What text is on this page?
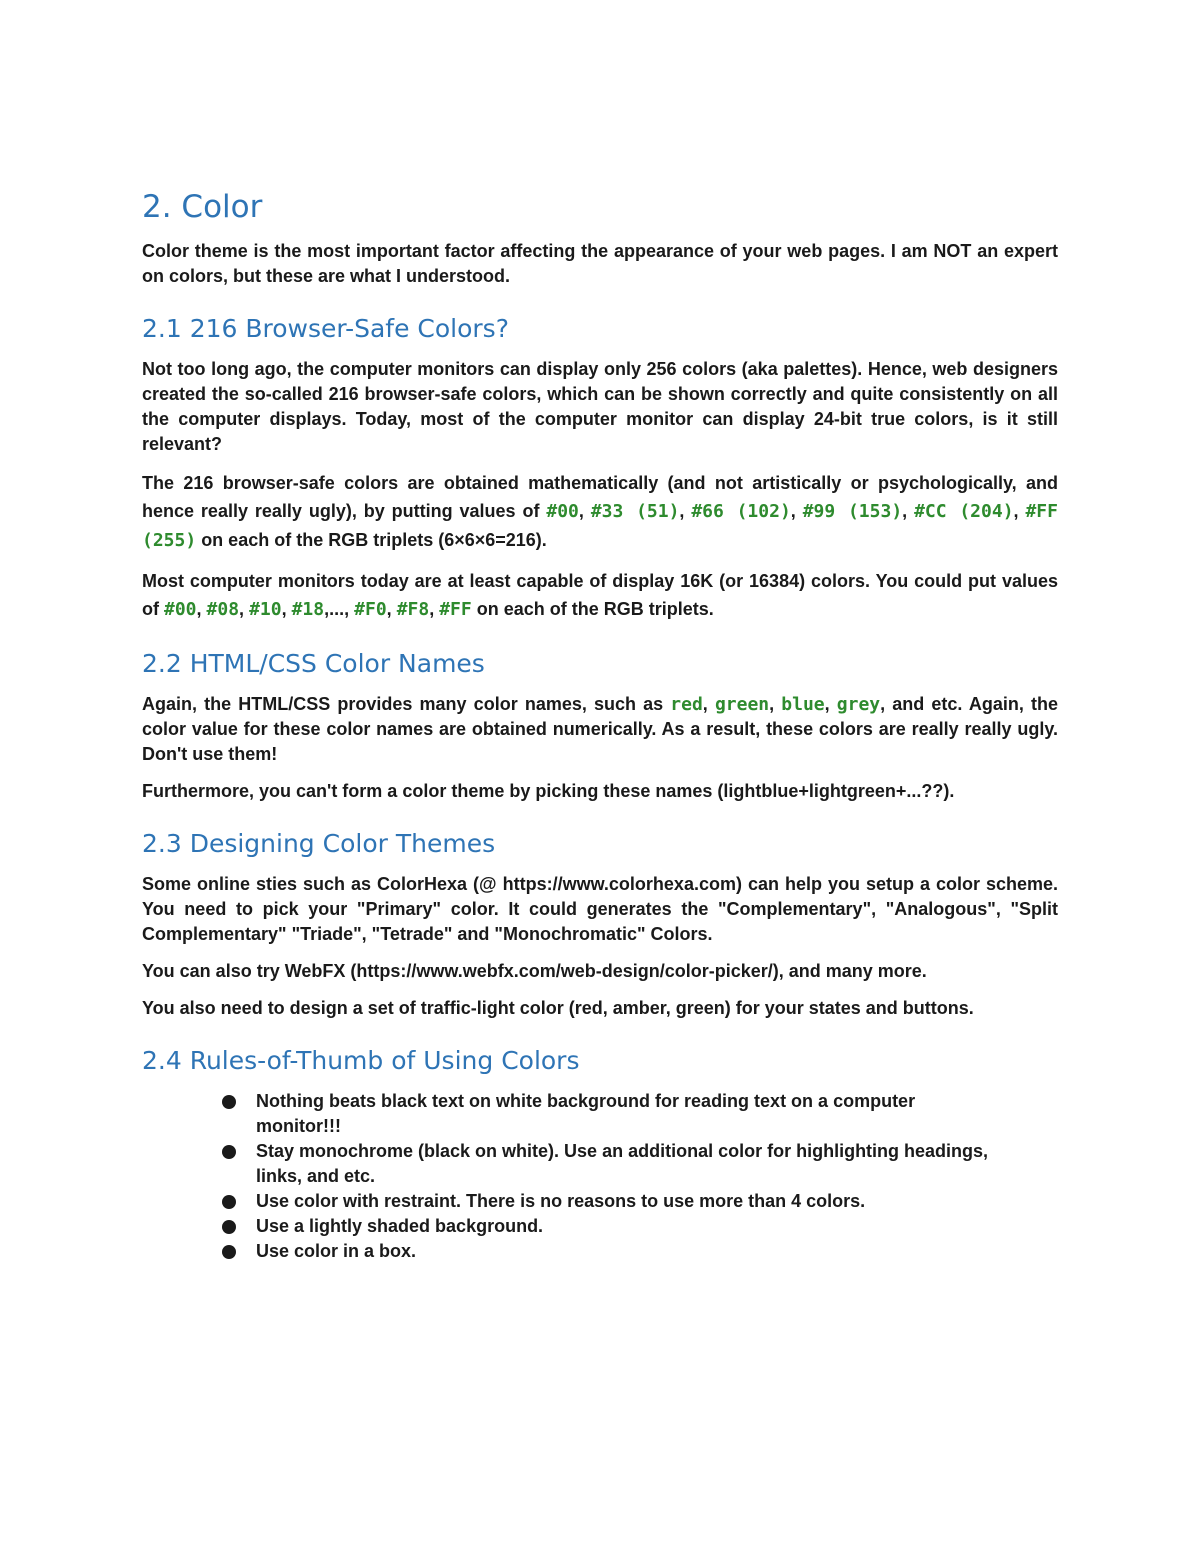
2. Color

Color theme is the most important factor affecting the appearance of your web pages. I am NOT an expert on colors, but these are what I understood.

2.1 216 Browser-Safe Colors?

Not too long ago, the computer monitors can display only 256 colors (aka palettes). Hence, web designers created the so-called 216 browser-safe colors, which can be shown correctly and quite consistently on all the computer displays. Today, most of the computer monitor can display 24-bit true colors, is it still relevant?

The 216 browser-safe colors are obtained mathematically (and not artistically or psychologically, and hence really really ugly), by putting values of #00, #33 (51), #66 (102), #99 (153), #CC (204), #FF (255) on each of the RGB triplets (6×6×6=216).

Most computer monitors today are at least capable of display 16K (or 16384) colors. You could put values of #00, #08, #10, #18,..., #F0, #F8, #FF on each of the RGB triplets.

2.2 HTML/CSS Color Names

Again, the HTML/CSS provides many color names, such as red, green, blue, grey, and etc. Again, the color value for these color names are obtained numerically. As a result, these colors are really really ugly. Don't use them!

Furthermore, you can't form a color theme by picking these names (lightblue+lightgreen+...??).

2.3 Designing Color Themes

Some online sties such as ColorHexa (@ https://www.colorhexa.com) can help you setup a color scheme. You need to pick your "Primary" color. It could generates the "Complementary", "Analogous", "Split Complementary" "Triade", "Tetrade" and "Monochromatic" Colors.

You can also try WebFX (https://www.webfx.com/web-design/color-picker/), and many more.

You also need to design a set of traffic-light color (red, amber, green) for your states and buttons.

2.4 Rules-of-Thumb of Using Colors
Nothing beats black text on white background for reading text on a computer monitor!!!
Stay monochrome (black on white). Use an additional color for highlighting headings, links, and etc.
Use color with restraint. There is no reasons to use more than 4 colors.
Use a lightly shaded background.
Use color in a box.
